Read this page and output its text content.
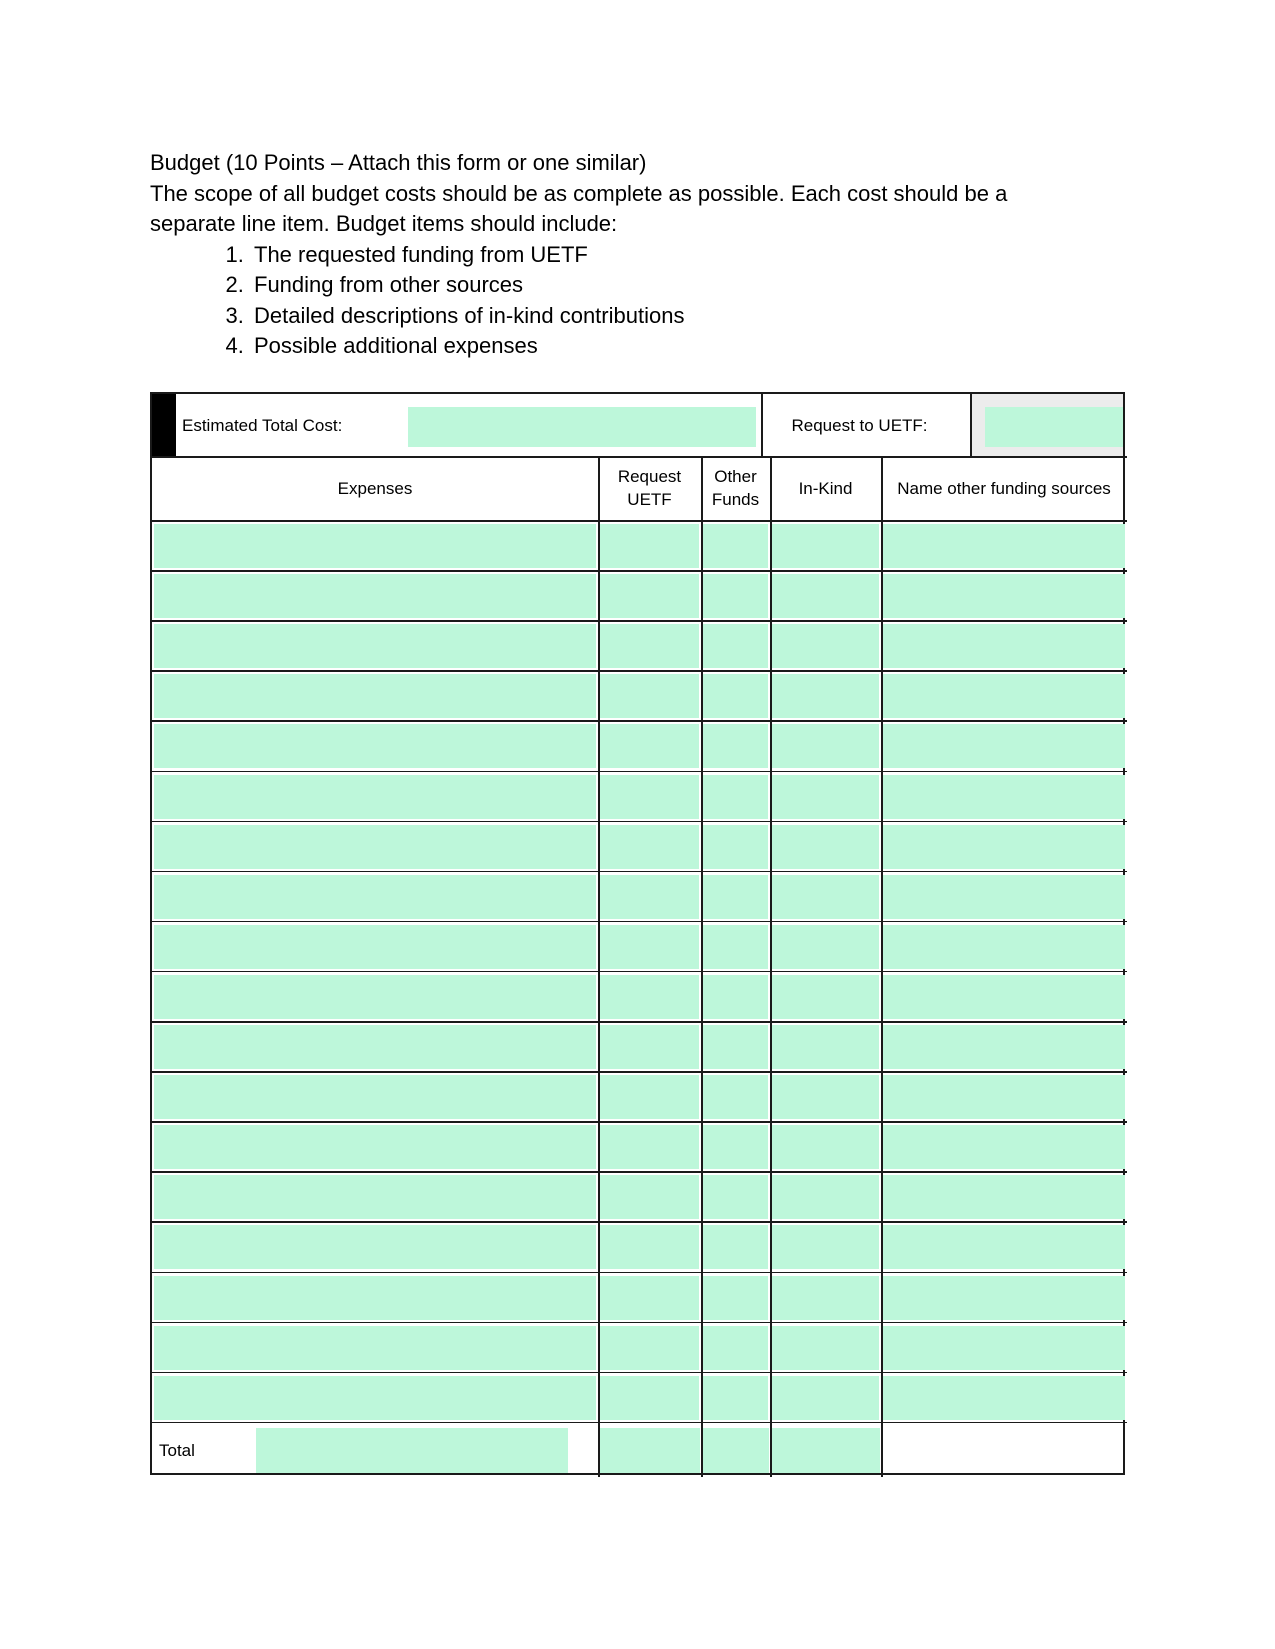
Budget (10 Points – Attach this form or one similar)

The scope of all budget costs should be as complete as possible. Each cost should be a separate line item. Budget items should include:

1. The requested funding from UETF
2. Funding from other sources
3. Detailed descriptions of in-kind contributions
4. Possible additional expenses
Estimated Total Cost:	Request to UETF:
Expenses
Request UETF
Other Funds
In-Kind	Name other funding sources
Total
